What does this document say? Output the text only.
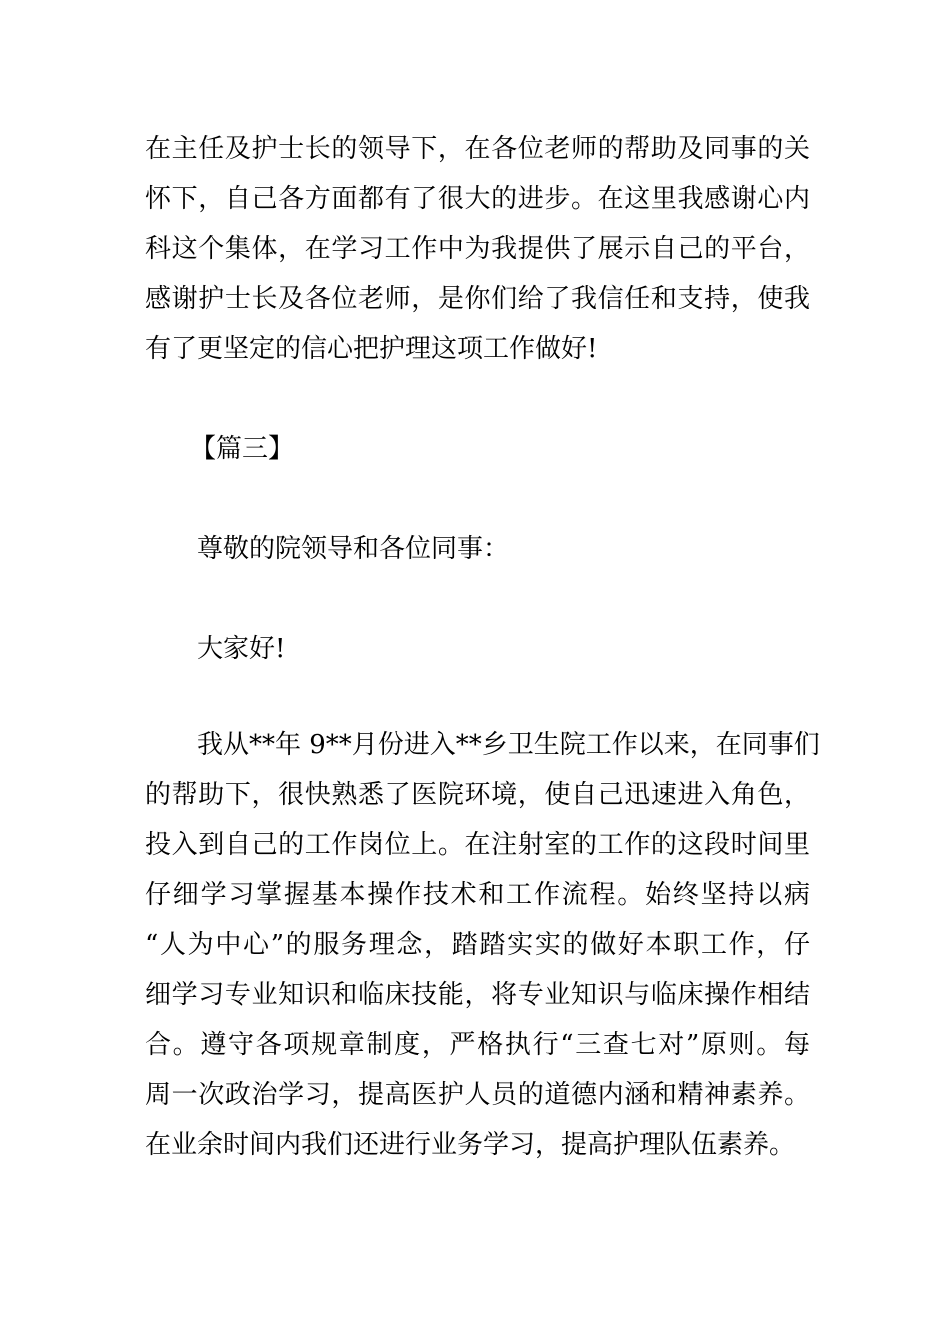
在主任及护士长的领导下，在各位老师的帮助及同事的关
怀下，自己各方面都有了很大的进步。在这里我感谢心内
科这个集体，在学习工作中为我提供了展示自己的平台，
感谢护士长及各位老师，是你们给了我信任和支持，使我
有了更坚定的信心把护理这项工作做好!
【篇三】
尊敬的院领导和各位同事：
大家好!
我从**年 9**月份进入**乡卫生院工作以来，在同事们
的帮助下，很快熟悉了医院环境，使自己迅速进入角色，
投入到自己的工作岗位上。在注射室的工作的这段时间里
仔细学习掌握基本操作技术和工作流程。始终坚持以病
“人为中心”的服务理念，踏踏实实的做好本职工作，仔
细学习专业知识和临床技能，将专业知识与临床操作相结
合。遵守各项规章制度，严格执行“三查七对”原则。每
周一次政治学习，提高医护人员的道德内涵和精神素养。
在业余时间内我们还进行业务学习，提高护理队伍素养。
